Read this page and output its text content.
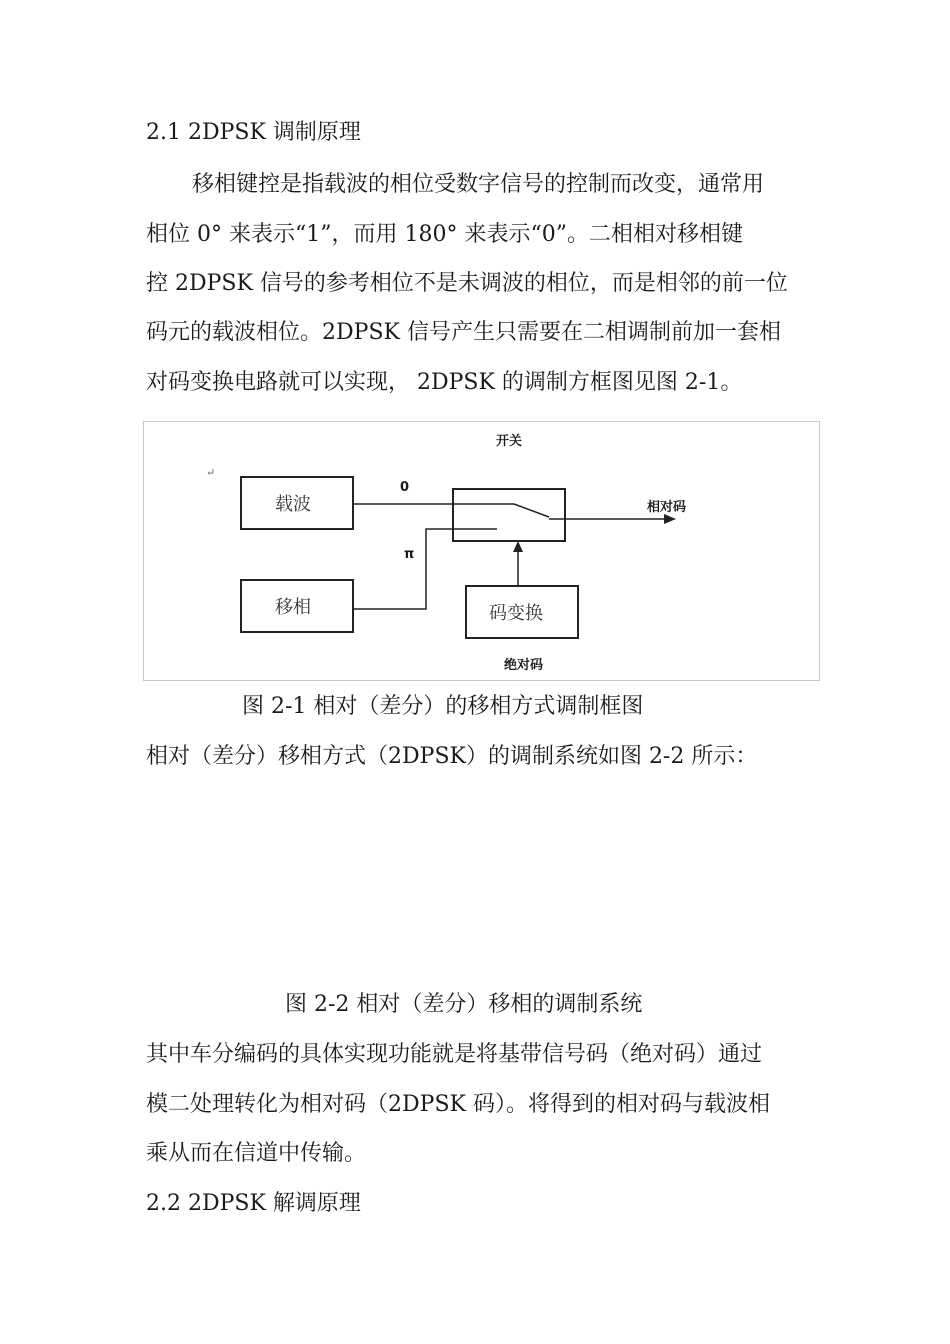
2.1 2DPSK 调制原理
移相键控是指载波的相位受数字信号的控制而改变，通常用
相位 0° 来表示“1”，而用 180° 来表示“0”。二相相对移相键
控 2DPSK 信号的参考相位不是未调波的相位，而是相邻的前一位
码元的载波相位。2DPSK 信号产生只需要在二相调制前加一套相
对码变换电路就可以实现， 2DPSK 的调制方框图见图 2-1。
开关
0
π
相对码
绝对码
↵
载波
移相	码变换
图 2-1 相对（差分）的移相方式调制框图
相对（差分）移相方式（2DPSK）的调制系统如图 2-2 所示：
图 2-2 相对（差分）移相的调制系统
其中车分编码的具体实现功能就是将基带信号码（绝对码）通过
模二处理转化为相对码（2DPSK 码）。将得到的相对码与载波相
乘从而在信道中传输。
2.2 2DPSK 解调原理
